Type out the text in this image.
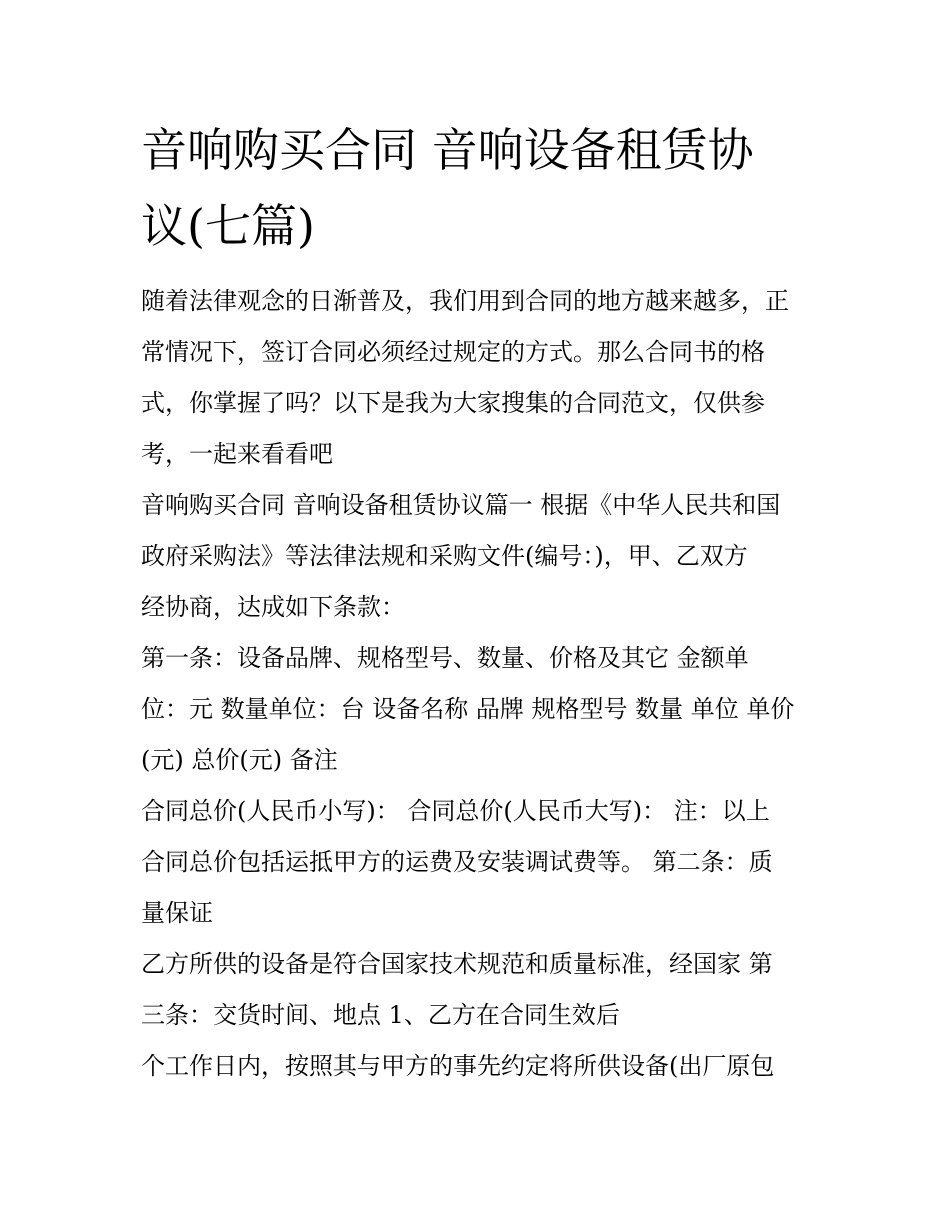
音响购买合同 音响设备租赁协
议(七篇)
随着法律观念的日渐普及，我们用到合同的地方越来越多，正
常情况下，签订合同必须经过规定的方式。那么合同书的格
式，你掌握了吗？以下是我为大家搜集的合同范文，仅供参
考，一起来看看吧
音响购买合同 音响设备租赁协议篇一 根据《中华人民共和国
政府采购法》等法律法规和采购文件(编号：)，甲、乙双方
经协商，达成如下条款：
第一条：设备品牌、规格型号、数量、价格及其它 金额单
位：元 数量单位：台 设备名称 品牌 规格型号 数量 单位 单价
(元) 总价(元) 备注
合同总价(人民币小写)： 合同总价(人民币大写)： 注：以上
合同总价包括运抵甲方的运费及安装调试费等。 第二条：质
量保证
乙方所供的设备是符合国家技术规范和质量标准，经国家 第
三条：交货时间、地点 1、乙方在合同生效后
个工作日内，按照其与甲方的事先约定将所供设备(出厂原包
